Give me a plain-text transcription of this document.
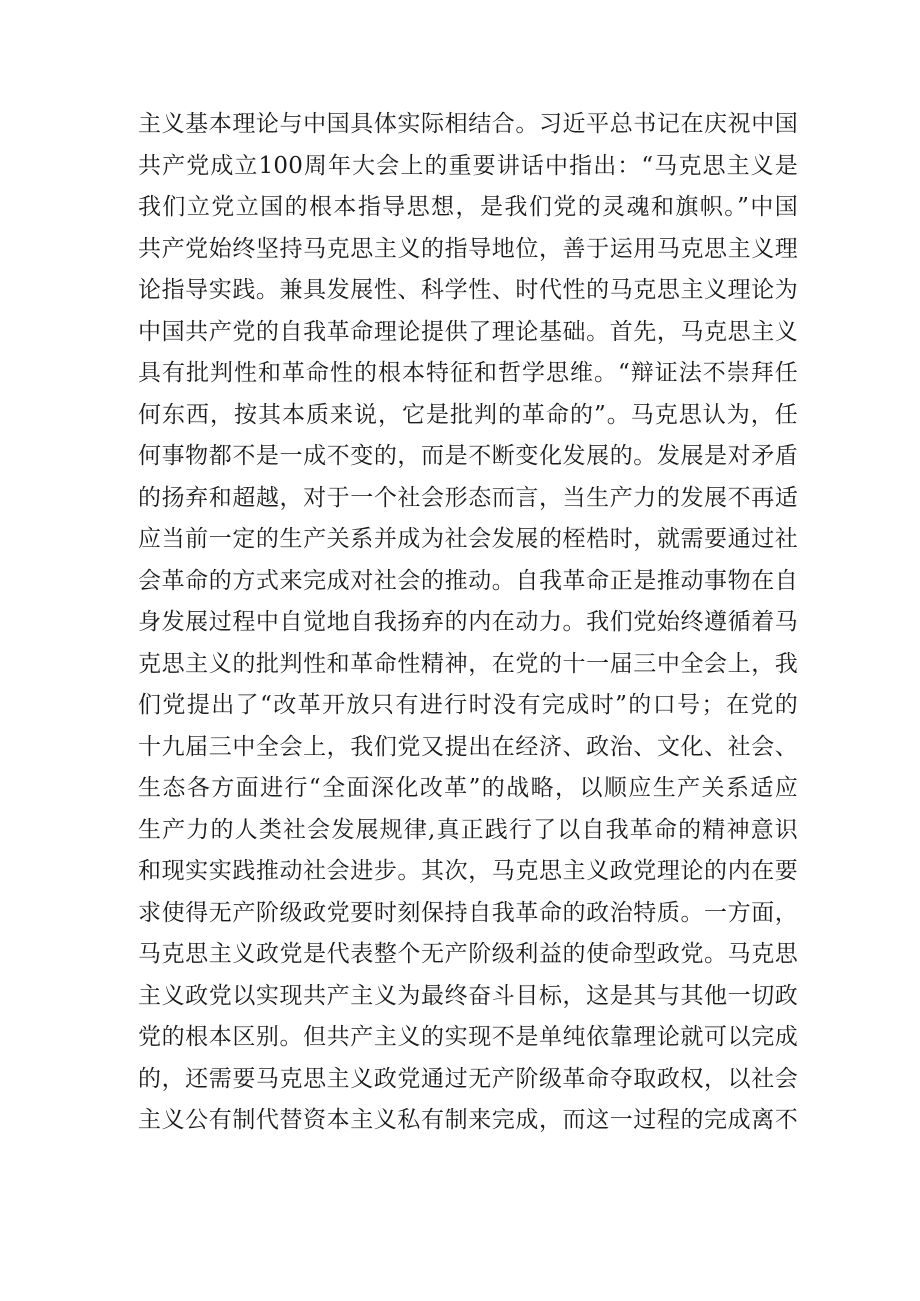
主义基本理论与中国具体实际相结合。习近平总书记在庆祝中国
共产党成立100周年大会上的重要讲话中指出：“马克思主义是
我们立党立国的根本指导思想，是我们党的灵魂和旗帜。”中国
共产党始终坚持马克思主义的指导地位，善于运用马克思主义理
论指导实践。兼具发展性、科学性、时代性的马克思主义理论为
中国共产党的自我革命理论提供了理论基础。首先，马克思主义
具有批判性和革命性的根本特征和哲学思维。“辩证法不崇拜任
何东西，按其本质来说，它是批判的革命的”。马克思认为，任
何事物都不是一成不变的，而是不断变化发展的。发展是对矛盾
的扬弃和超越，对于一个社会形态而言，当生产力的发展不再适
应当前一定的生产关系并成为社会发展的桎梏时，就需要通过社
会革命的方式来完成对社会的推动。自我革命正是推动事物在自
身发展过程中自觉地自我扬弃的内在动力。我们党始终遵循着马
克思主义的批判性和革命性精神，在党的十一届三中全会上，我
们党提出了“改革开放只有进行时没有完成时”的口号；在党的
十九届三中全会上，我们党又提出在经济、政治、文化、社会、
生态各方面进行“全面深化改革”的战略，以顺应生产关系适应
生产力的人类社会发展规律,真正践行了以自我革命的精神意识
和现实实践推动社会进步。其次，马克思主义政党理论的内在要
求使得无产阶级政党要时刻保持自我革命的政治特质。一方面，
马克思主义政党是代表整个无产阶级利益的使命型政党。马克思
主义政党以实现共产主义为最终奋斗目标，这是其与其他一切政
党的根本区别。但共产主义的实现不是单纯依靠理论就可以完成
的，还需要马克思主义政党通过无产阶级革命夺取政权，以社会
主义公有制代替资本主义私有制来完成，而这一过程的完成离不
